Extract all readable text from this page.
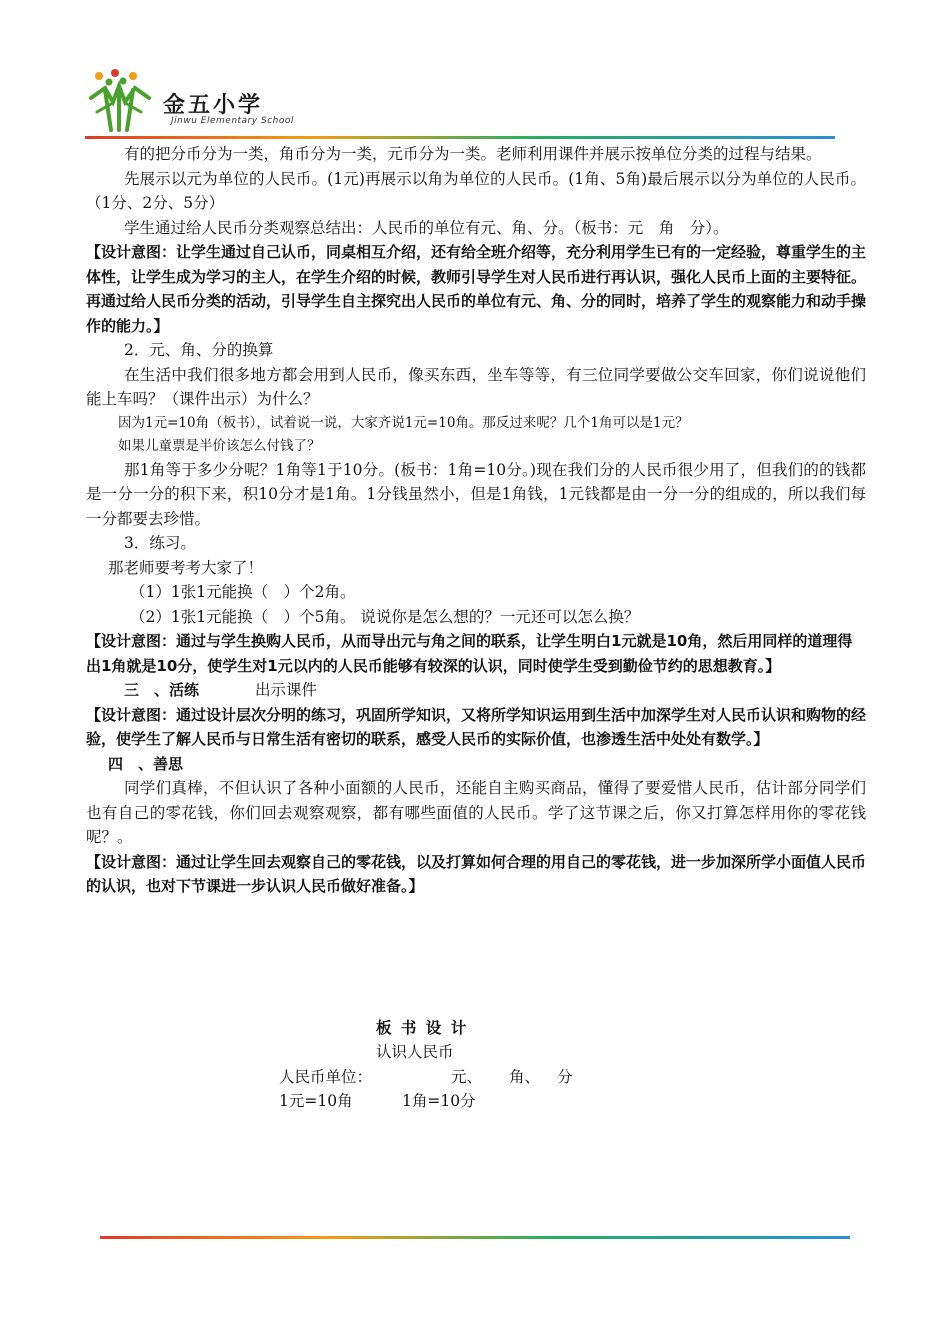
金五小学
Jinwu Elementary School

有的把分币分为一类，角币分为一类，元币分为一类。老师利用课件并展示按单位分类的过程与结果。

先展示以元为单位的人民币。(1元)再展示以角为单位的人民币。(1角、5角)最后展示以分为单位的人民币。（1分、2分、5分）

学生通过给人民币分类观察总结出：人民币的单位有元、角、分。（板书：元　角　分）。

【设计意图：让学生通过自己认币，同桌相互介绍，还有给全班介绍等，充分利用学生已有的一定经验，尊重学生的主体性，让学生成为学习的主人，在学生介绍的时候，教师引导学生对人民币进行再认识，强化人民币上面的主要特征。再通过给人民币分类的活动，引导学生自主探究出人民币的单位有元、角、分的同时，培养了学生的观察能力和动手操作的能力。】

2．元、角、分的换算

在生活中我们很多地方都会用到人民币，像买东西，坐车等等，有三位同学要做公交车回家，你们说说他们能上车吗？（课件出示）为什么？

因为1元=10角（板书），试着说一说，大家齐说1元=10角。那反过来呢？几个1角可以是1元？

如果儿童票是半价该怎么付钱了？

那1角等于多少分呢？1角等1于10分。(板书：1角=10分。)现在我们分的人民币很少用了，但我们的的钱都是一分一分的积下来，积10分才是1角。1分钱虽然小，但是1角钱，1元钱都是由一分一分的组成的，所以我们每一分都要去珍惜。

3．练习。

那老师要考考大家了！

（1）1张1元能换（　）个2角。

（2）1张1元能换（　）个5角。 说说你是怎么想的？一元还可以怎么换？

【设计意图：通过与学生换购人民币，从而导出元与角之间的联系，让学生明白1元就是10角，然后用同样的道理得出1角就是10分，使学生对1元以内的人民币能够有较深的认识，同时使学生受到勤俭节约的思想教育。】

三　、活练	出示课件

【设计意图：通过设计层次分明的练习，巩固所学知识，又将所学知识运用到生活中加深学生对人民币认识和购物的经验，使学生了解人民币与日常生活有密切的联系，感受人民币的实际价值，也渗透生活中处处有数学。】

四　、善思

同学们真棒，不但认识了各种小面额的人民币，还能自主购买商品，懂得了要爱惜人民币，估计部分同学们也有自己的零花钱，你们回去观察观察，都有哪些面值的人民币。学了这节课之后，你又打算怎样用你的零花钱呢？。

【设计意图：通过让学生回去观察自己的零花钱，以及打算如何合理的用自己的零花钱，进一步加深所学小面值人民币的认识，也对下节课进一步认识人民币做好准备。】

板 书 设 计
认识人民币
人民币单位：	元、 角、 分
1元=10角	1角=10分
